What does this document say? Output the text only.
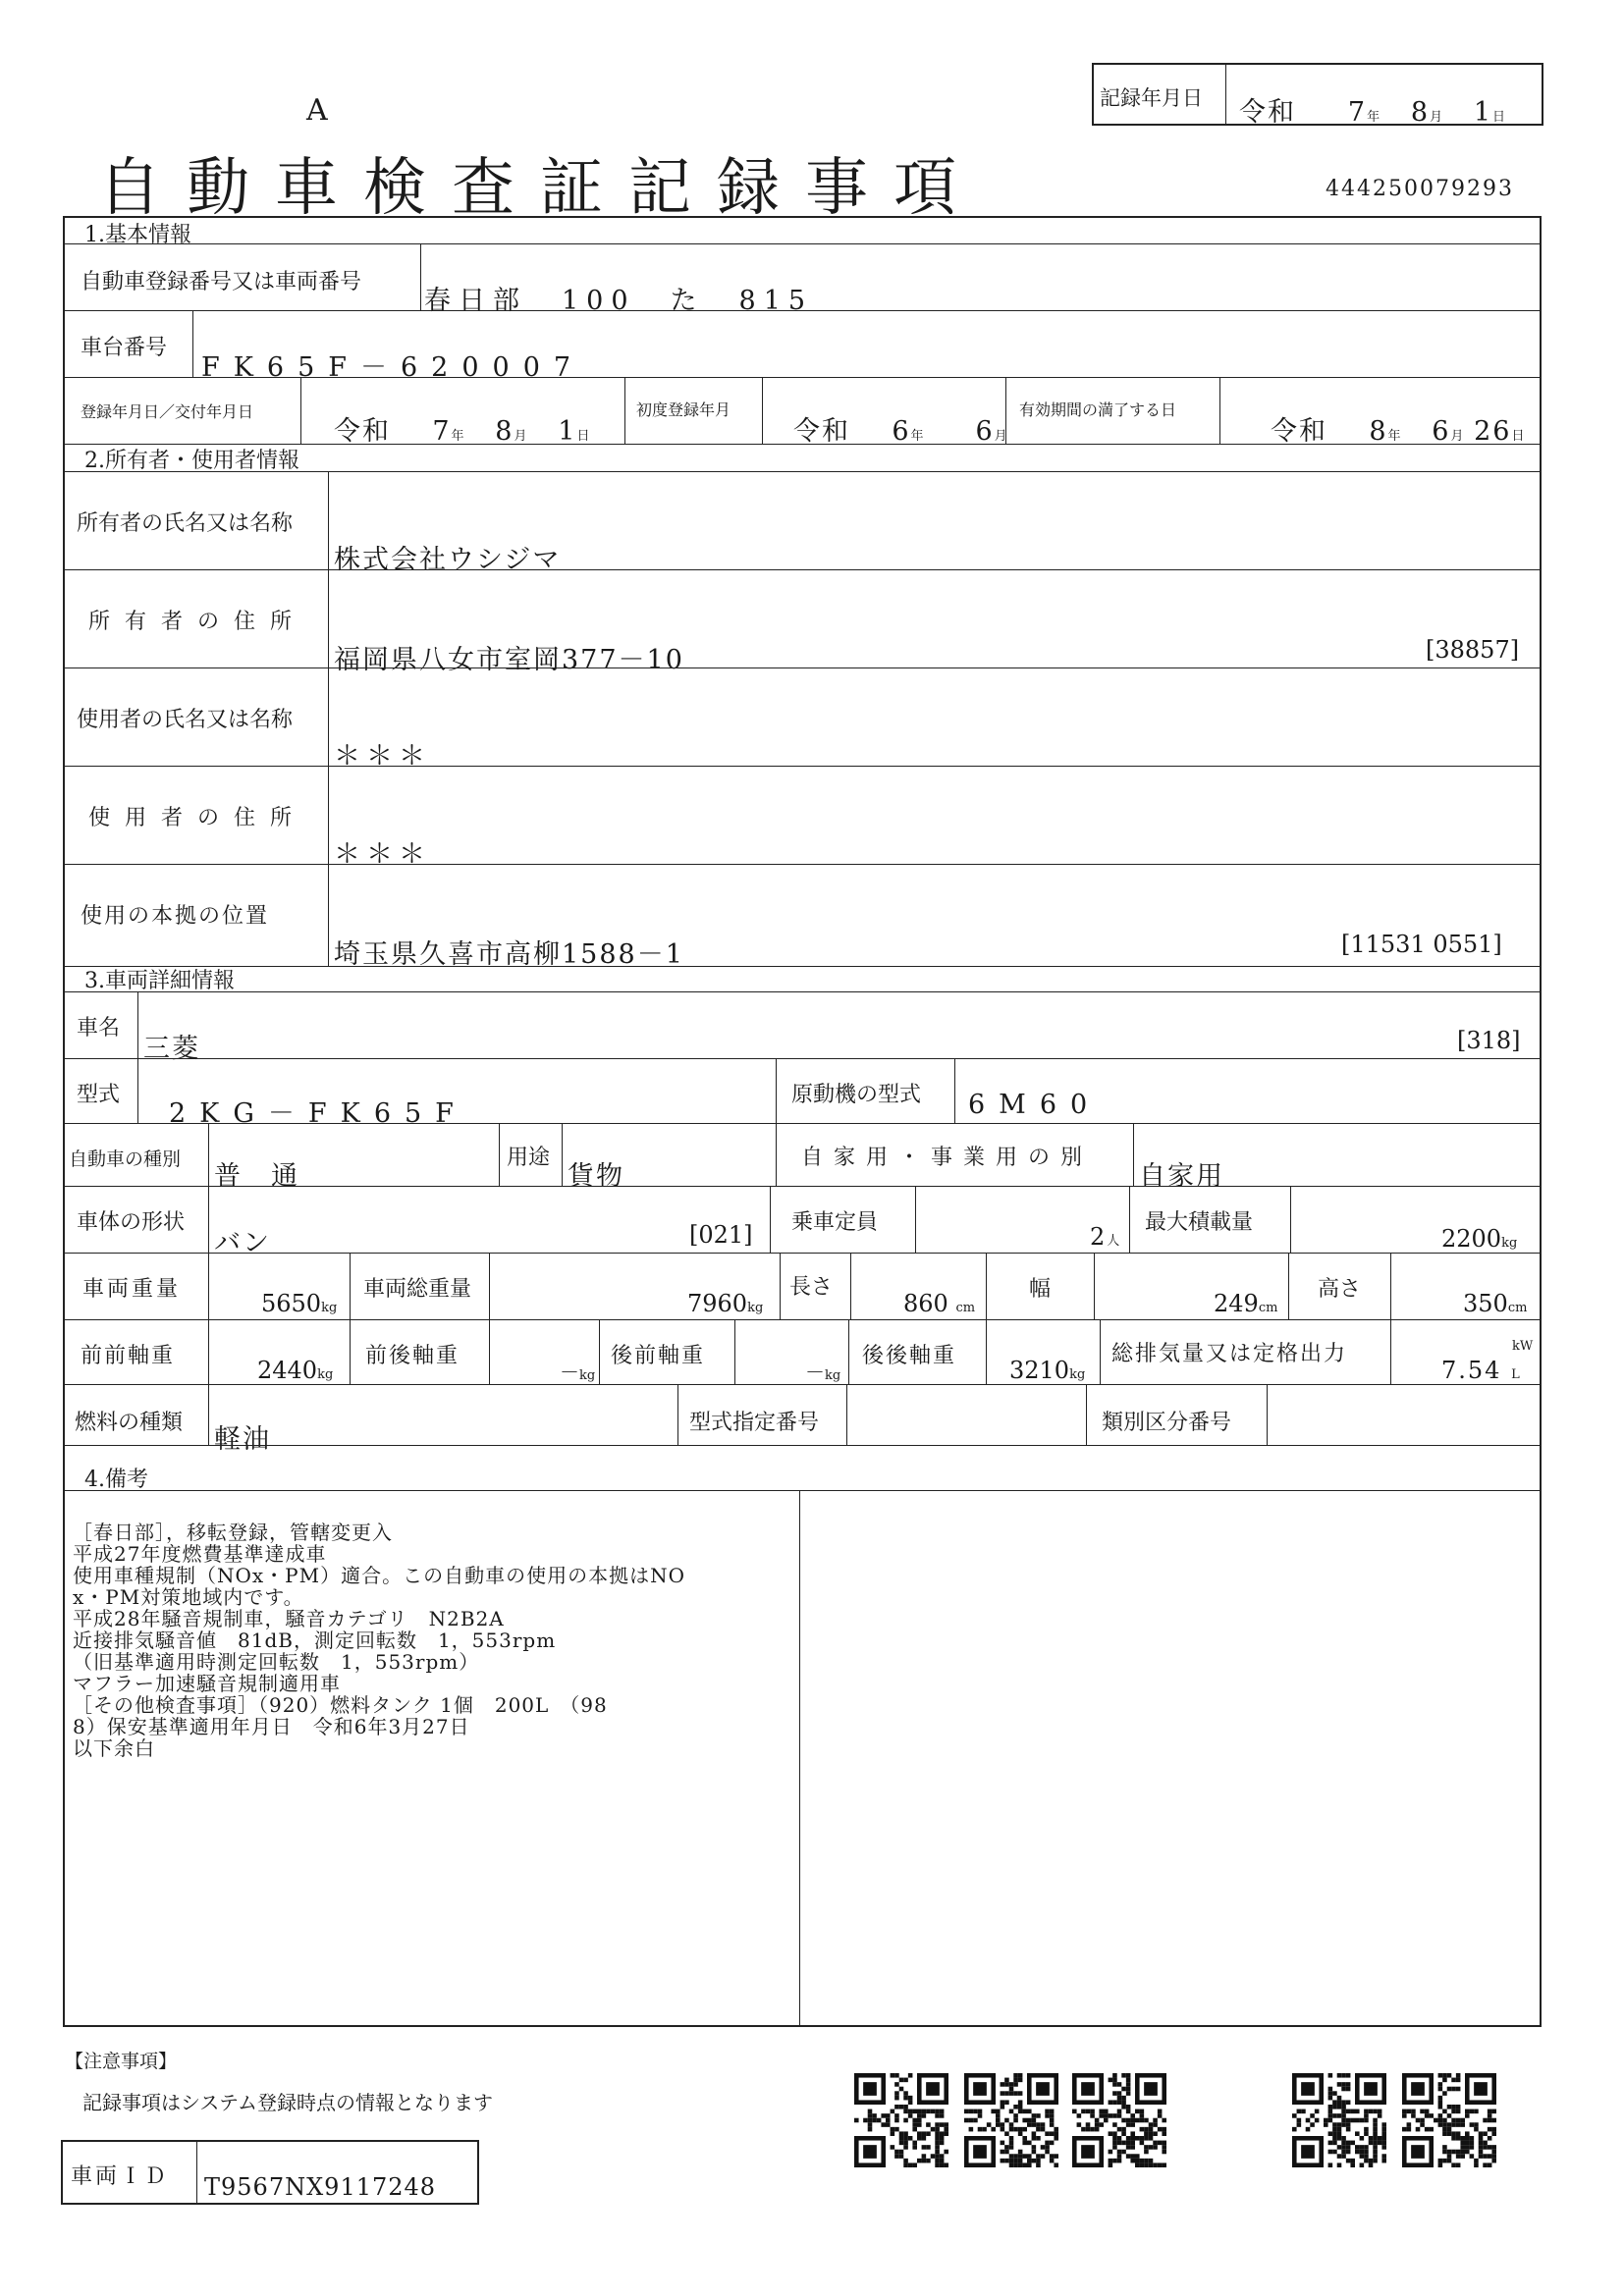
A
自動車検査証記録事項
記録年月日 令和 7年 8月 1日
444250079293
1.基本情報
自動車登録番号又は車両番号
春日部　100　た　815
車台番号
FK65F－620007
登録年月日／交付年月日
令和 7年 8月 1日
初度登録年月
令和 6年 6月
有効期間の満了する日
令和 8年 6月 26日
2.所有者・使用者情報
所有者の氏名又は名称
株式会社ウシジマ
所 有 者 の 住 所
福岡県八女市室岡377－10	[38857]
使用者の氏名又は名称
＊＊＊
使 用 者 の 住 所
＊＊＊
使用の本拠の位置
埼玉県久喜市高柳1588－1	[11531 0551]
3.車両詳細情報
車名
三菱	[318]
型式
2KG－FK65F
原動機の型式 6M60
自動車の種別
普　通
用途
貨物
自 家 用 ・ 事 業 用 の 別
自家用
車体の形状
バン	[021] 乗車定員
2人
最大積載量
2200kg
車両重量
5650kg
車両総重量
7960kg
長さ
860 cm
幅
249cm
高さ
350cm
前前軸重
2440kg
前後軸重
－kg
後前軸重
－kg
後後軸重
3210kg
総排気量又は定格出力	kW
7.54 L
燃料の種類
軽油
型式指定番号	類別区分番号
4.備考

［春日部］，移転登録，管轄変更入
平成27年度燃費基準達成車
使用車種規制（NOx・PM）適合。この自動車の使用の本拠はNO
x・PM対策地域内です。
平成28年騒音規制車，騒音カテゴリ　N2B2A
近接排気騒音値　81dB，測定回転数　1，553rpm
（旧基準適用時測定回転数　1，553rpm）
マフラー加速騒音規制適用車
［その他検査事項］（920）燃料タンク 1個　200L　（98
8）保安基準適用年月日　令和6年3月27日
以下余白

【注意事項】
記録事項はシステム登録時点の情報となります
車両ＩＤ T9567NX9117248
